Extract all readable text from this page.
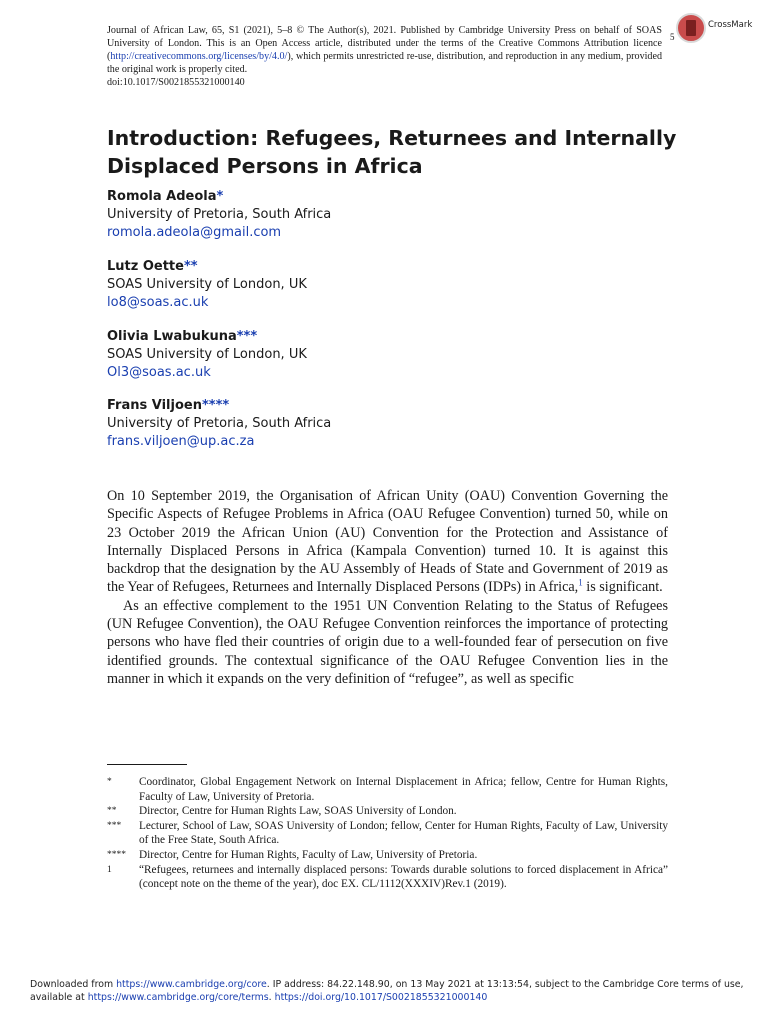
Journal of African Law, 65, S1 (2021), 5–8 © The Author(s), 2021. Published by Cambridge University Press on behalf of SOAS University of London. This is an Open Access article, distributed under the terms of the Creative Commons Attribution licence (http://creativecommons.org/licenses/by/4.0/), which permits unrestricted re-use, distribution, and reproduction in any medium, provided the original work is properly cited.
doi:10.1017/S0021855321000140
CrossMark
5
Introduction: Refugees, Returnees and Internally Displaced Persons in Africa
Romola Adeola*
University of Pretoria, South Africa
romola.adeola@gmail.com
Lutz Oette**
SOAS University of London, UK
lo8@soas.ac.uk
Olivia Lwabukuna***
SOAS University of London, UK
Ol3@soas.ac.uk
Frans Viljoen****
University of Pretoria, South Africa
frans.viljoen@up.ac.za

On 10 September 2019, the Organisation of African Unity (OAU) Convention Governing the Specific Aspects of Refugee Problems in Africa (OAU Refugee Convention) turned 50, while on 23 October 2019 the African Union (AU) Convention for the Protection and Assistance of Internally Displaced Persons in Africa (Kampala Convention) turned 10. It is against this backdrop that the designation by the AU Assembly of Heads of State and Government of 2019 as the Year of Refugees, Returnees and Internally Displaced Persons (IDPs) in Africa,$^1$ is significant.

As an effective complement to the 1951 UN Convention Relating to the Status of Refugees (UN Refugee Convention), the OAU Refugee Convention reinforces the importance of protecting persons who have fled their countries of origin due to a well-founded fear of persecution on five identified grounds. The contextual significance of the OAU Refugee Convention lies in the manner in which it expands on the very definition of “refugee”, as well as specific

*	Coordinator, Global Engagement Network on Internal Displacement in Africa; fellow, Centre for Human Rights, Faculty of Law, University of Pretoria.
**	Director, Centre for Human Rights Law, SOAS University of London.
***	Lecturer, School of Law, SOAS University of London; fellow, Center for Human Rights, Faculty of Law, University of the Free State, South Africa.
****	Director, Centre for Human Rights, Faculty of Law, University of Pretoria.
1	“Refugees, returnees and internally displaced persons: Towards durable solutions to forced displacement in Africa” (concept note on the theme of the year), doc EX. CL/1112(XXXIV)Rev.1 (2019).
Downloaded from https://www.cambridge.org/core. IP address: 84.22.148.90, on 13 May 2021 at 13:13:54, subject to the Cambridge Core terms of use, available at https://www.cambridge.org/core/terms. https://doi.org/10.1017/S0021855321000140
